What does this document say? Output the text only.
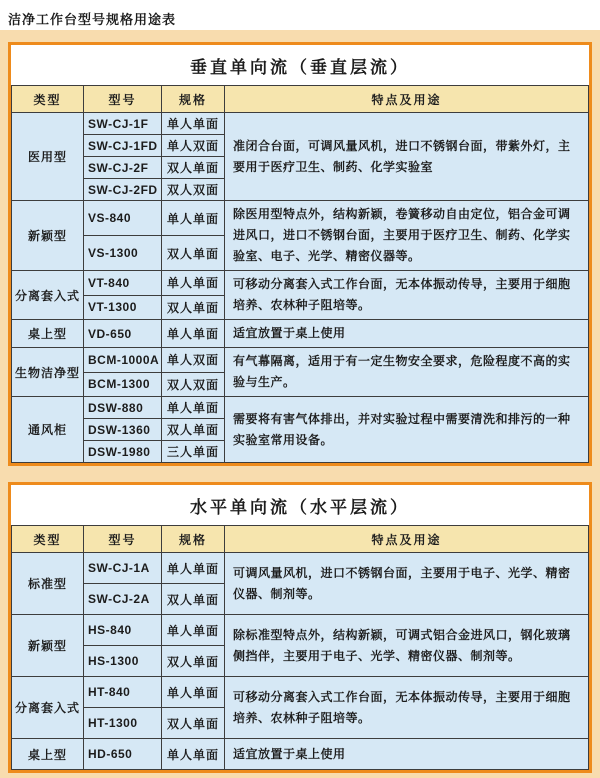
洁净工作台型号规格用途表
垂直单向流（垂直层流）
类型	型号	规格	特点及用途
医用型	SW-CJ-1F	单人单面	准闭合台面，可调风量风机，进口不锈钢台面，带紫外灯，主要用于医疗卫生、制药、化学实验室
	SW-CJ-1FD	单人双面	
	SW-CJ-2F	双人单面	
	SW-CJ-2FD	双人双面	
新颖型	VS-840	单人单面	除医用型特点外，结构新颖，卷簧移动自由定位，铝合金可调进风口，进口不锈钢台面，主要用于医疗卫生、制药、化学实验室、电子、光学、精密仪器等。
	VS-1300	双人单面	
分离套入式	VT-840	单人单面	可移动分离套入式工作台面，无本体振动传导，主要用于细胞培养、农林种子阻培等。
	VT-1300	双人单面	
桌上型	VD-650	单人单面	适宜放置于桌上使用
生物洁净型	BCM-1000A	单人双面	有气幕隔离，适用于有一定生物安全要求，危险程度不高的实验与生产。
	BCM-1300	双人双面	
通风柜	DSW-880	单人单面	需要将有害气体排出，并对实验过程中需要清洗和排污的一种实验室常用设备。
	DSW-1360	双人单面	
	DSW-1980	三人单面	
水平单向流（水平层流）
类型	型号	规格	特点及用途
标准型	SW-CJ-1A	单人单面	可调风量风机，进口不锈钢台面，主要用于电子、光学、精密仪器、制剂等。
	SW-CJ-2A	双人单面	
新颖型	HS-840	单人单面	除标准型特点外，结构新颖，可调式铝合金进风口，钢化玻璃侧挡伴，主要用于电子、光学、精密仪器、制剂等。
	HS-1300	双人单面	
分离套入式	HT-840	单人单面	可移动分离套入式工作台面，无本体振动传导，主要用于细胞培养、农林种子阻培等。
	HT-1300	双人单面	
桌上型	HD-650	单人单面	适宜放置于桌上使用
